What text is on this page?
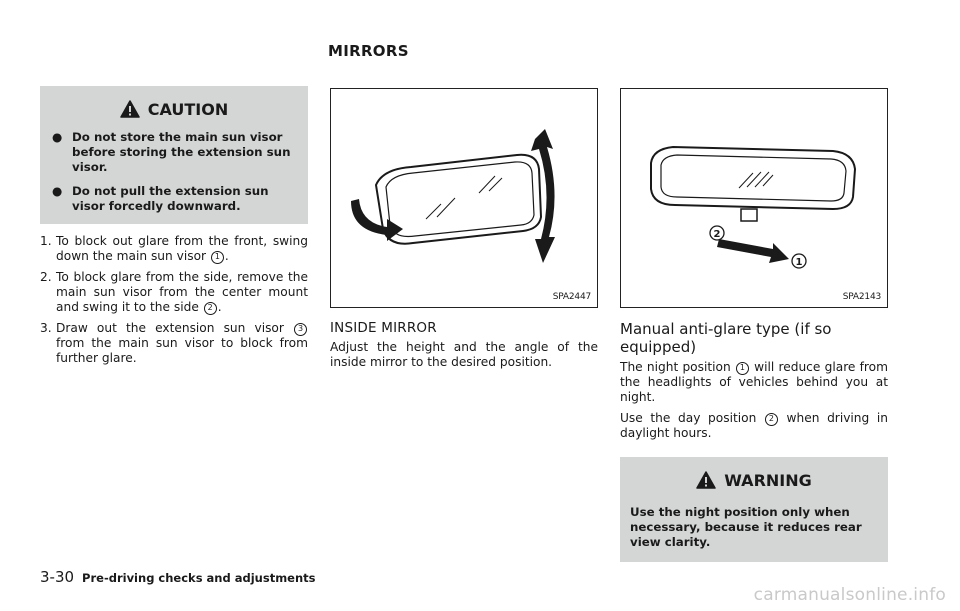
MIRRORS
CAUTION
● Do not store the main sun visor before storing the extension sun visor.
● Do not pull the extension sun visor forcedly downward.
1. To block out glare from the front, swing down the main sun visor 1 .
2. To block glare from the side, remove the main sun visor from the center mount and swing it to the side 2 .
3. Draw out the extension sun visor 3 from the main sun visor to block from further glare.
SPA2447
INSIDE MIRROR
Adjust the height and the angle of the inside mirror to the desired position.
2
1
SPA2143
Manual anti-glare type (if so equipped)
The night position 1 will reduce glare from the headlights of vehicles behind you at night.
Use the day position 2 when driving in daylight hours.
WARNING
Use the night position only when necessary, because it reduces rear view clarity.
3-30 Pre-driving checks and adjustments
carmanualsonline.info
